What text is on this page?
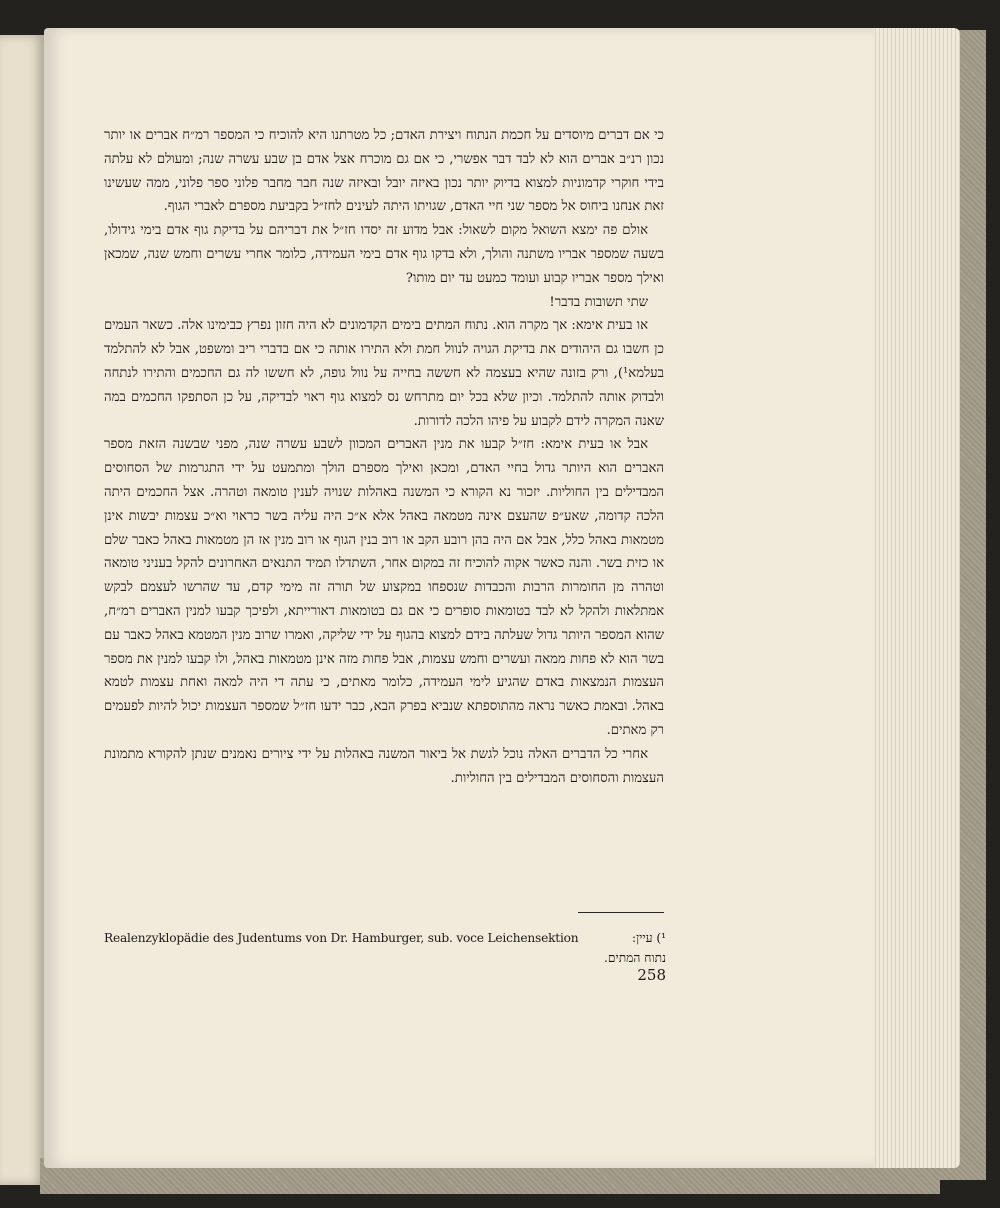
כי אם דברים מיוסדים על חכמת הנתוח ויצירת האדם; כל מטרתנו היא להוכיח כי המספר רמ״ח אברים או יותר נכון רנ״ב אברים הוא לא לבד דבר אפשרי, כי אם גם מוכרח אצל אדם בן שבע עשרה שנה; ומעולם לא עלתה בידי חוקרי קדמוניות למצוא בדיוק יותר נכון באיזה יובל ובאיזה שנה חבר מחבר פלוני ספר פלוני, ממה שעשינו זאת אנחנו ביחוס אל מספר שני חיי האדם, שגויתו היתה לעינים לחז״ל בקביעת מספרם לאברי הגוף.

אולם פה ימצא השואל מקום לשאול: אבל מדוע זה יסדו חז״ל את דבריהם על בדיקת גוף אדם בימי גידולו, בשעה שמספר אבריו משתנה והולך, ולא בדקו גוף אדם בימי העמידה, כלומר אחרי עשרים וחמש שנה, שמכאן ואילך מספר אבריו קבוע ועומד כמעט עד יום מותו?

שתי תשובות בדבר!

או בעית אימא: אך מקרה הוא. נתוח המתים בימים הקדמונים לא היה חזון נפרץ כבימינו אלה. כשאר העמים כן חשבו גם היהודים את בדיקת הגויה לנוול חמת ולא התירו אותה כי אם בדברי ריב ומשפט, אבל לא להתלמד בעלמא¹), ורק בזונה שהיא בעצמה לא חששה בחייה על נוול גופה, לא חששו לה גם החכמים והתירו לנתחה ולבדוק אותה להתלמד. וכיון שלא בכל יום מתרחש נס למצוא גוף ראוי לבדיקה, על כן הסתפקו החכמים במה שאנה המקרה לידם לקבוע על פיהו הלכה לדורות.

אבל או בעית אימא: חז״ל קבעו את מנין האברים המכוון לשבע עשרה שנה, מפני שבשנה הזאת מספר האברים הוא היותר גדול בחיי האדם, ומכאן ואילך מספרם הולך ומתמעט על ידי התגרמות של הסחוסים המבדילים בין החוליות. יזכור נא הקורא כי המשנה באהלות שנויה לענין טומאה וטהרה. אצל החכמים היתה הלכה קדומה, שאע״פ שהעצם אינה מטמאה באהל אלא א״כ היה עליה בשר כראוי וא״כ עצמות יבשות אינן מטמאות באהל כלל, אבל אם היה בהן רובע הקב או רוב בנין הגוף או רוב מנין אז הן מטמאות באהל כאבר שלם או כזית בשר. והנה כאשר אקוה להוכיח זה במקום אחר, השתדלו תמיד התנאים האחרונים להקל בעניני טומאה וטהרה מן החומרות הרבות והכבדות שנספחו במקצוע של תורה זה מימי קדם, עד שהרשו לעצמם לבקש אמתלאות ולהקל לא לבד בטומאות סופרים כי אם גם בטומאות דאורייתא, ולפיכך קבעו למנין האברים רמ״ח, שהוא המספר היותר גדול שעלתה בידם למצוא בהגוף על ידי שליקה, ואמרו שרוב מנין המטמא באהל כאבר עם בשר הוא לא פחות ממאה ועשרים וחמש עצמות, אבל פחות מזה אינן מטמאות באהל, ולו קבעו למנין את מספר העצמות הנמצאות באדם שהגיע לימי העמידה, כלומר מאתים, כי עתה די היה למאה ואחת עצמות לטמא באהל. ובאמת כאשר נראה מהתוספתא שנביא בפרק הבא, כבר ידעו חז״ל שמספר העצמות יכול להיות לפעמים רק מאתים.

אחרי כל הדברים האלה נוכל לגשת אל ביאור המשנה באהלות על ידי ציורים נאמנים שנתן להקורא מתמונת העצמות והסחוסים המבדילים בין החוליות.

Realenzyklopädie des Judentums von Dr. Hamburger, sub. voce Leichensektion	¹) עיין:
נתוח המתים.
258
